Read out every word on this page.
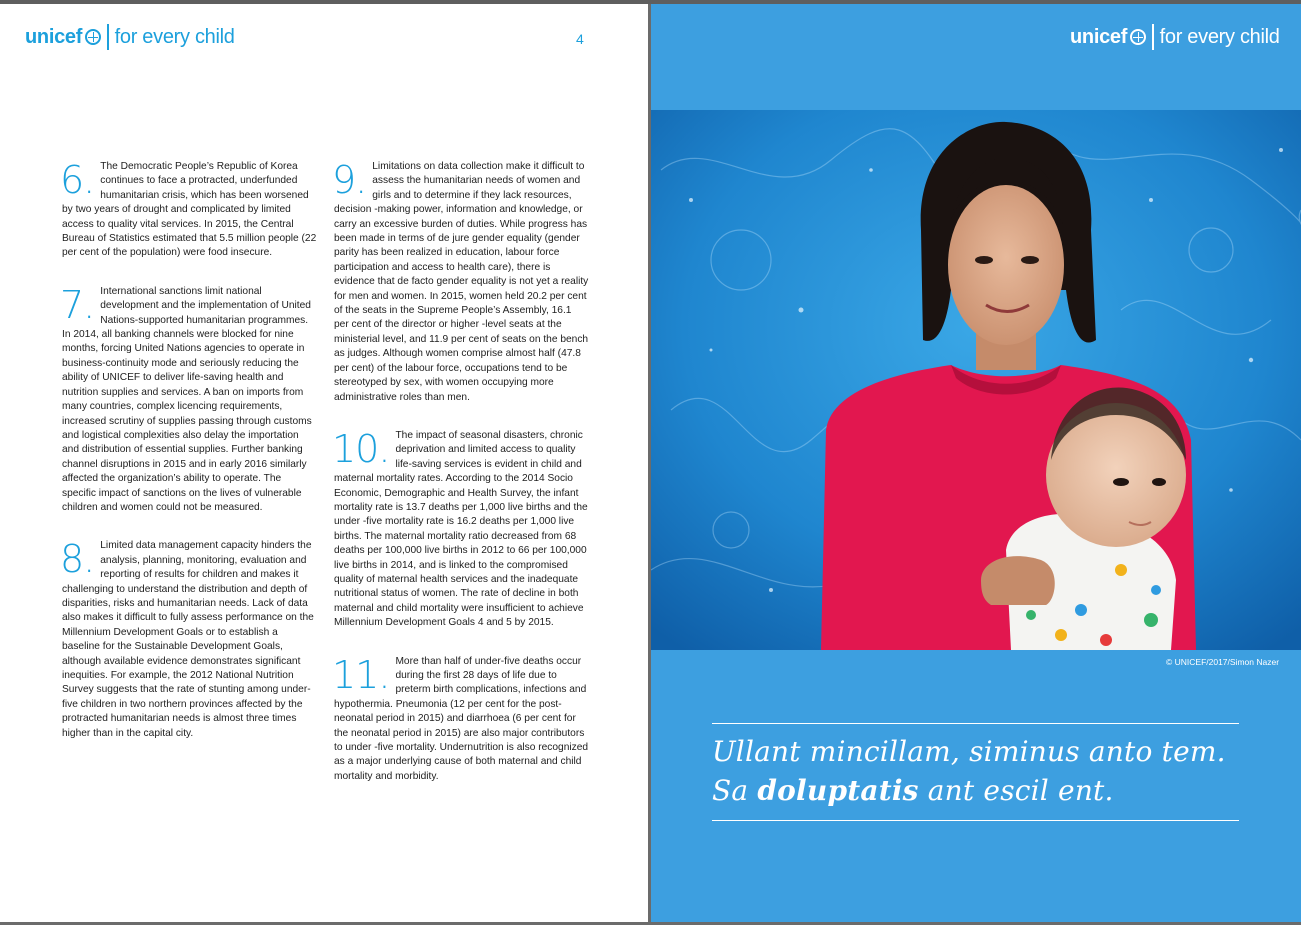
unicef for every child	4
6. The Democratic People’s Republic of Korea continues to face a protracted, underfunded humanitarian crisis, which has been worsened by two years of drought and complicated by limited access to quality vital services. In 2015, the Central Bureau of Statistics estimated that 5.5 million people (22 per cent of the population) were food insecure.
7. International sanctions limit national development and the implementation of United Nations-supported humanitarian programmes. In 2014, all banking channels were blocked for nine months, forcing United Nations agencies to operate in business-continuity mode and seriously reducing the ability of UNICEF to deliver life-saving health and nutrition supplies and services. A ban on imports from many countries, complex licencing requirements, increased scrutiny of supplies passing through customs and logistical complexities also delay the importation and distribution of essential supplies. Further banking channel disruptions in 2015 and in early 2016 similarly affected the organization’s ability to operate. The specific impact of sanctions on the lives of vulnerable children and women could not be measured.
8. Limited data management capacity hinders the analysis, planning, monitoring, evaluation and reporting of results for children and makes it challenging to understand the distribution and depth of disparities, risks and humanitarian needs. Lack of data also makes it difficult to fully assess performance on the Millennium Development Goals or to establish a baseline for the Sustainable Development Goals, although available evidence demonstrates significant inequities. For example, the 2012 National Nutrition Survey suggests that the rate of stunting among under-five children in two northern provinces affected by the protracted humanitarian needs is almost three times higher than in the capital city.
9. Limitations on data collection make it difficult to assess the humanitarian needs of women and girls and to determine if they lack resources, decision -making power, information and knowledge, or carry an excessive burden of duties. While progress has been made in terms of de jure gender equality (gender parity has been realized in education, labour force participation and access to health care), there is evidence that de facto gender equality is not yet a reality for men and women. In 2015, women held 20.2 per cent of the seats in the Supreme People’s Assembly, 16.1 per cent of the director or higher -level seats at the ministerial level, and 11.9 per cent of seats on the bench as judges. Although women comprise almost half (47.8 per cent) of the labour force, occupations tend to be stereotyped by sex, with women occupying more administrative roles than men.
10. The impact of seasonal disasters, chronic deprivation and limited access to quality life-saving services is evident in child and maternal mortality rates. According to the 2014 Socio Economic, Demographic and Health Survey, the infant mortality rate is 13.7 deaths per 1,000 live births and the under -five mortality rate is 16.2 deaths per 1,000 live births. The maternal mortality ratio decreased from 68 deaths per 100,000 live births in 2012 to 66 per 100,000 live births in 2014, and is linked to the compromised quality of maternal health services and the inadequate nutritional status of women. The rate of decline in both maternal and child mortality were insufficient to achieve Millennium Development Goals 4 and 5 by 2015.
11. More than half of under-five deaths occur during the first 28 days of life due to preterm birth complications, infections and hypothermia. Pneumonia (12 per cent for the post-neonatal period in 2015) and diarrhoea (6 per cent for the neonatal period in 2015) are also major contributors to under -five mortality. Undernutrition is also recognized as a major underlying cause of both maternal and child mortality and morbidity.
unicef for every child
© UNICEF/2017/Simon Nazer
Ullant mincillam, siminus anto tem.
Sa doluptatis ant escil ent.
